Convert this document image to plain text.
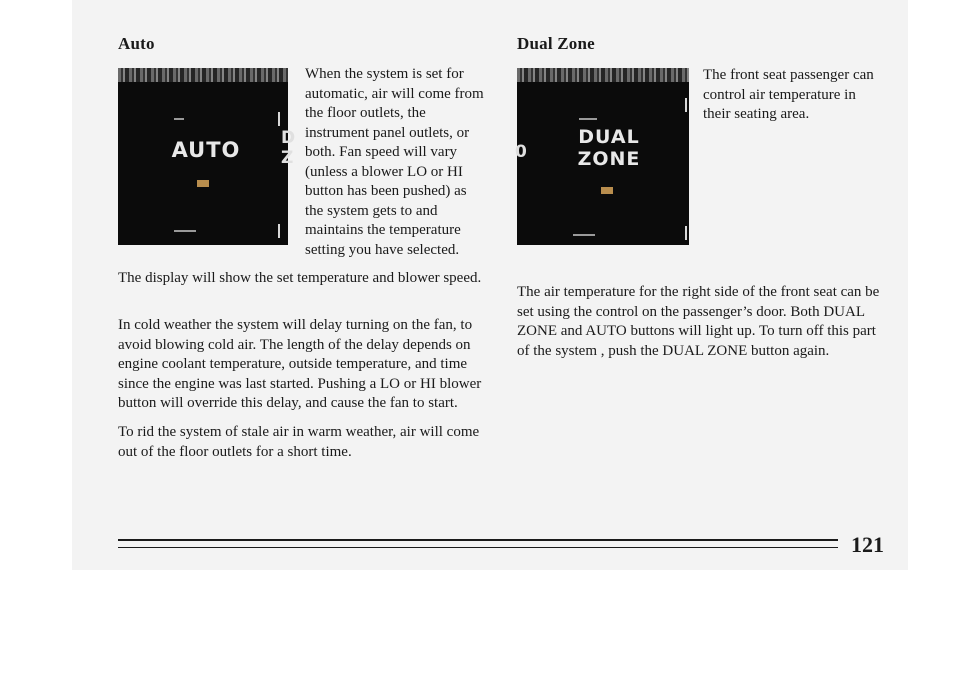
Auto
AUTO	D
Z

When the system is set for automatic, air will come from the floor outlets, the instrument panel outlets, or both. Fan speed will vary (unless a blower LO or HI button has been pushed) as the system gets to and maintains the temperature setting you have selected.

The display will show the set temperature and blower speed.

In cold weather the system will delay turning on the fan, to avoid blowing cold air. The length of the delay depends on engine coolant temperature, outside temperature, and time since the engine was last started. Pushing a LO or HI blower button will override this delay, and cause the fan to start.

To rid the system of stale air in warm weather, air will come out of the floor outlets for a short time.

Dual Zone
0
DUAL
ZONE

The front seat passenger can control air temperature in their seating area.

The air temperature for the right side of the front seat can be set using the control on the passenger’s door. Both DUAL ZONE and AUTO buttons will light up. To turn off this part of the system , push the DUAL ZONE button again.

121
